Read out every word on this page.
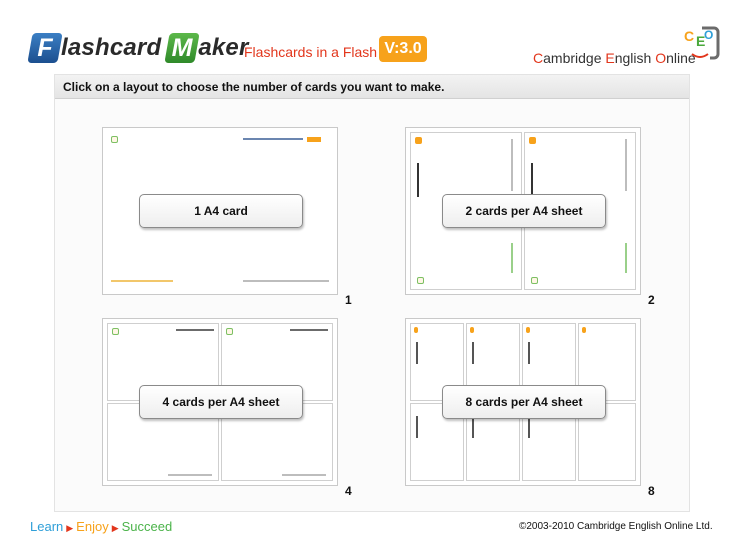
F lashcard M aker
Flashcards in a Flash V:3.0
Cambridge English Online
C E
O
Click on a layout to choose the number of cards you want to make.
1 A4 card
1
2 cards per A4 sheet
2
4 cards per A4 sheet
4
8 cards per A4 sheet
8
Learn ▶ Enjoy ▶ Succeed	©2003-2010 Cambridge English Online Ltd.
